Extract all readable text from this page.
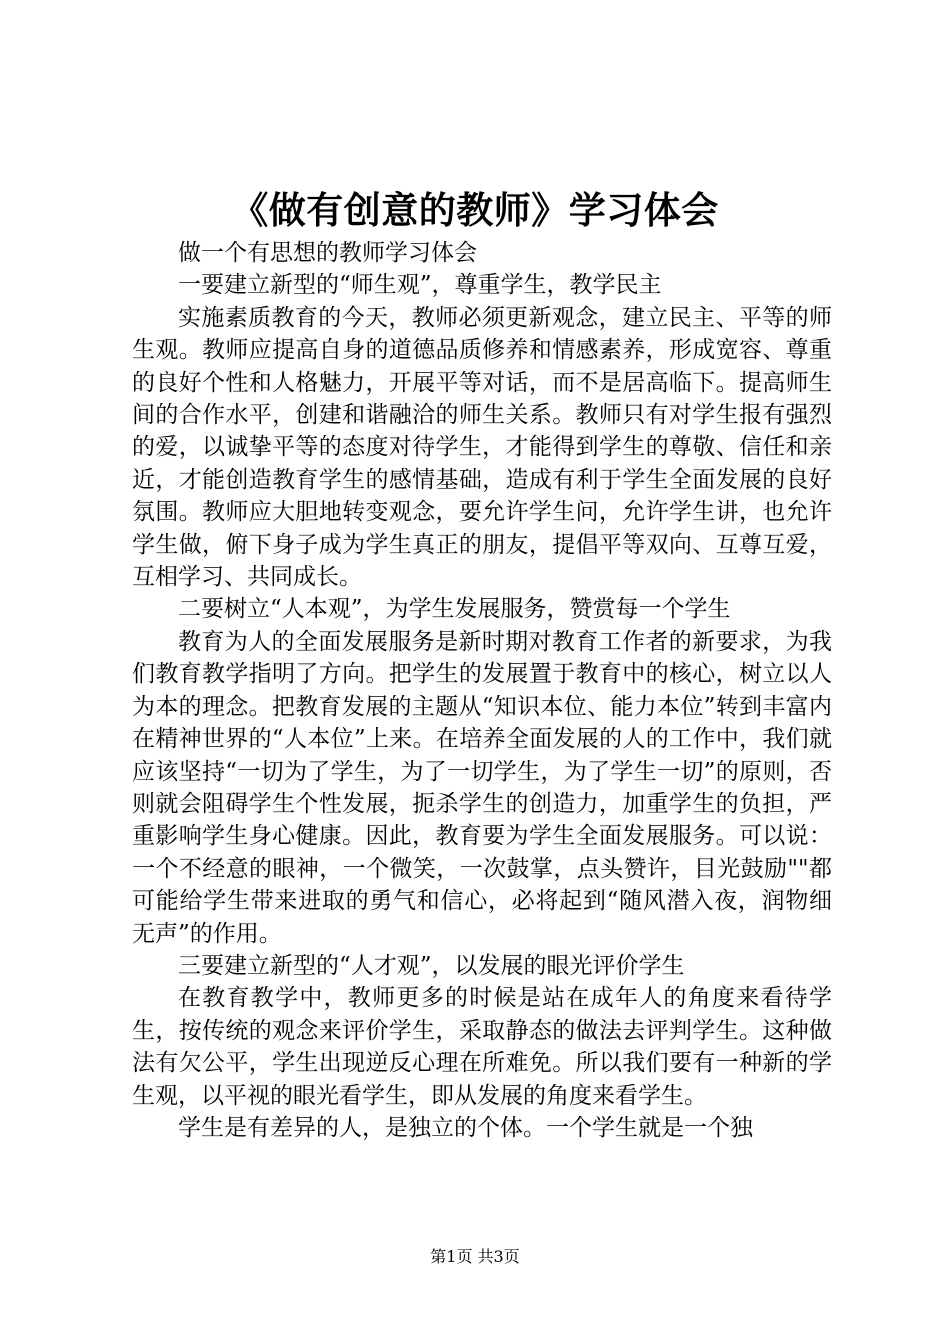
《做有创意的教师》学习体会

做一个有思想的教师学习体会

一要建立新型的“师生观”，尊重学生，教学民主

实施素质教育的今天，教师必须更新观念，建立民主、平等的师生观。教师应提高自身的道德品质修养和情感素养，形成宽容、尊重的良好个性和人格魅力，开展平等对话，而不是居高临下。提高师生间的合作水平，创建和谐融洽的师生关系。教师只有对学生报有强烈的爱，以诚挚平等的态度对待学生，才能得到学生的尊敬、信任和亲近，才能创造教育学生的感情基础，造成有利于学生全面发展的良好氛围。教师应大胆地转变观念，要允许学生问，允许学生讲，也允许学生做，俯下身子成为学生真正的朋友，提倡平等双向、互尊互爱，互相学习、共同成长。

二要树立“人本观”，为学生发展服务，赞赏每一个学生

教育为人的全面发展服务是新时期对教育工作者的新要求，为我们教育教学指明了方向。把学生的发展置于教育中的核心，树立以人为本的理念。把教育发展的主题从“知识本位、能力本位”转到丰富内在精神世界的“人本位”上来。在培养全面发展的人的工作中，我们就应该坚持“一切为了学生，为了一切学生，为了学生一切”的原则，否则就会阻碍学生个性发展，扼杀学生的创造力，加重学生的负担，严重影响学生身心健康。因此，教育要为学生全面发展服务。可以说：一个不经意的眼神，一个微笑，一次鼓掌，点头赞许，目光鼓励""都可能给学生带来进取的勇气和信心，必将起到“随风潜入夜，润物细无声”的作用。

三要建立新型的“人才观”，以发展的眼光评价学生

在教育教学中，教师更多的时候是站在成年人的角度来看待学生，按传统的观念来评价学生，采取静态的做法去评判学生。这种做法有欠公平，学生出现逆反心理在所难免。所以我们要有一种新的学生观，以平视的眼光看学生，即从发展的角度来看学生。

学生是有差异的人，是独立的个体。一个学生就是一个独

第1页 共3页
